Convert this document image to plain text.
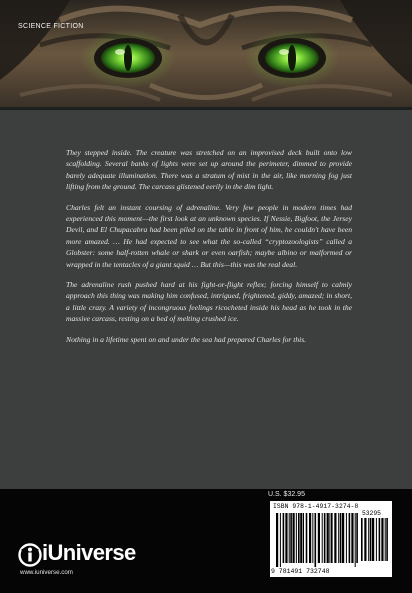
SCIENCE FICTION

They stepped inside. The creature was stretched on an improvised deck built onto low scaffolding. Several banks of lights were set up around the perimeter, dimmed to provide barely adequate illumination. There was a stratum of mist in the air, like morning fog just lifting from the ground. The carcass glistened eerily in the dim light.

Charles felt an instant coursing of adrenaline. Very few people in modern times had experienced this moment—the first look at an unknown species. If Nessie, Bigfoot, the Jersey Devil, and El Chupacabra had been piled on the table in front of him, he couldn't have been more amazed. … He had expected to see what the so-called “cryptozoologists” called a Globster: some half-rotten whale or shark or even oarfish; maybe albino or malformed or wrapped in the tentacles of a giant squid … But this—this was the real deal.

The adrenaline rush pushed hard at his fight-or-flight reflex; forcing himself to calmly approach this thing was making him confused, intrigued, frightened, giddy, amazed; in short, a little crazy. A variety of incongruous feelings ricocheted inside his head as he took in the massive carcass, resting on a bed of melting crushed ice.

Nothing in a lifetime spent on and under the sea had prepared Charles for this.

U.S. $32.95
ISBN 978-1-4917-3274-8
53295
9 781491 732748
iUniverse
www.iuniverse.com
